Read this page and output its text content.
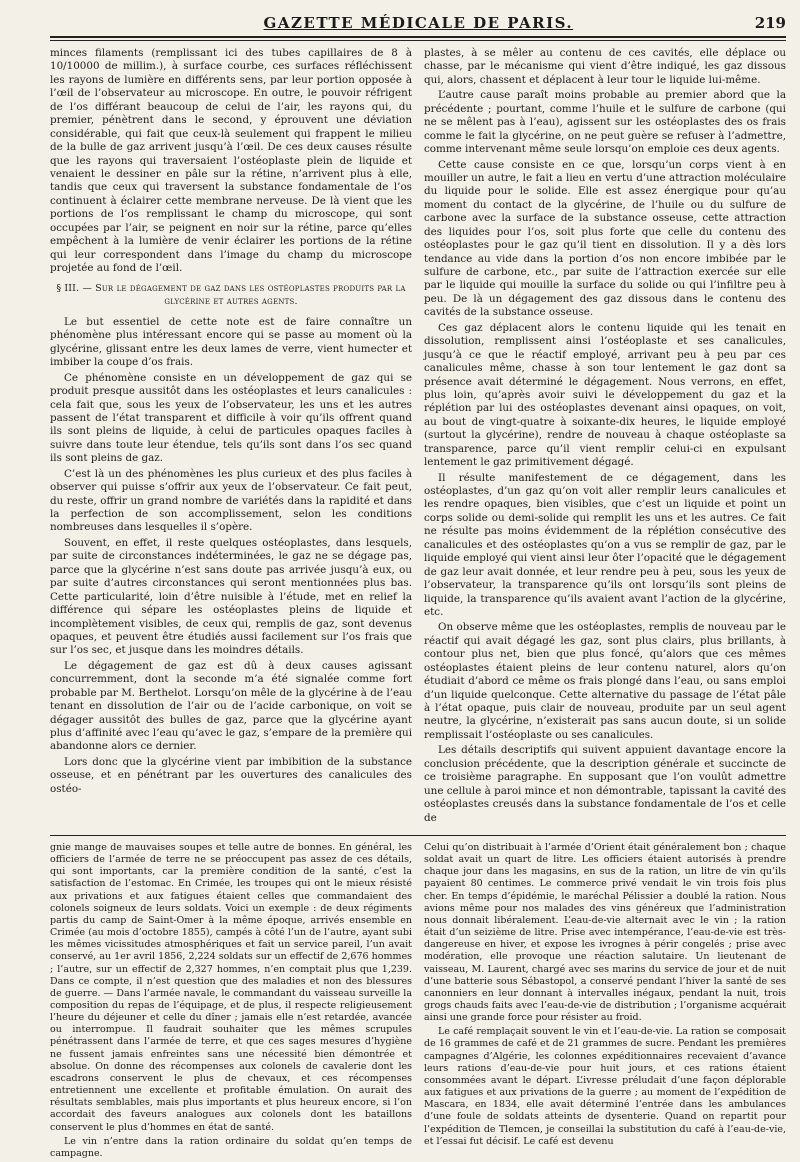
GAZETTE MÉDICALE DE PARIS.	219

minces filaments (remplissant ici des tubes capillaires de 8 à 10/10000 de millim.), à surface courbe, ces surfaces réfléchissent les rayons de lumière en différents sens, par leur portion opposée à l’œil de l’observateur au microscope. En outre, le pouvoir réfrigent de l’os différant beaucoup de celui de l’air, les rayons qui, du premier, pénètrent dans le second, y éprouvent une déviation considérable, qui fait que ceux-là seulement qui frappent le milieu de la bulle de gaz arrivent jusqu’à l’œil. De ces deux causes résulte que les rayons qui traversaient l’ostéoplaste plein de liquide et venaient le dessiner en pâle sur la rétine, n’arrivent plus à elle, tandis que ceux qui traversent la substance fondamentale de l’os continuent à éclairer cette membrane nerveuse. De là vient que les portions de l’os remplissant le champ du microscope, qui sont occupées par l’air, se peignent en noir sur la rétine, parce qu’elles empêchent à la lumière de venir éclairer les portions de la rétine qui leur correspondent dans l’image du champ du microscope projetée au fond de l’œil.

§ III. — Sur le dégagement de gaz dans les ostéoplastes produits par la glycérine et autres agents.

Le but essentiel de cette note est de faire connaître un phénomène plus intéressant encore qui se passe au moment où la glycérine, glissant entre les deux lames de verre, vient humecter et imbiber la coupe d’os frais.

Ce phénomène consiste en un développement de gaz qui se produit presque aussitôt dans les ostéoplastes et leurs canalicules : cela fait que, sous les yeux de l’observateur, les uns et les autres passent de l’état transparent et difficile à voir qu’ils offrent quand ils sont pleins de liquide, à celui de particules opaques faciles à suivre dans toute leur étendue, tels qu’ils sont dans l’os sec quand ils sont pleins de gaz.

C’est là un des phénomènes les plus curieux et des plus faciles à observer qui puisse s’offrir aux yeux de l’observateur. Ce fait peut, du reste, offrir un grand nombre de variétés dans la rapidité et dans la perfection de son accomplissement, selon les conditions nombreuses dans lesquelles il s’opère.

Souvent, en effet, il reste quelques ostéoplastes, dans lesquels, par suite de circonstances indéterminées, le gaz ne se dégage pas, parce que la glycérine n’est sans doute pas arrivée jusqu’à eux, ou par suite d’autres circonstances qui seront mentionnées plus bas. Cette particularité, loin d’être nuisible à l’étude, met en relief la différence qui sépare les ostéoplastes pleins de liquide et incomplètement visibles, de ceux qui, remplis de gaz, sont devenus opaques, et peuvent être étudiés aussi facilement sur l’os frais que sur l’os sec, et jusque dans les moindres détails.

Le dégagement de gaz est dû à deux causes agissant concurremment, dont la seconde m’a été signalée comme fort probable par M. Berthelot. Lorsqu’on mêle de la glycérine à de l’eau tenant en dissolution de l’air ou de l’acide carbonique, on voit se dégager aussitôt des bulles de gaz, parce que la glycérine ayant plus d’affinité avec l’eau qu’avec le gaz, s’empare de la première qui abandonne alors ce dernier.

Lors donc que la glycérine vient par imbibition de la substance osseuse, et en pénétrant par les ouvertures des canalicules des ostéo-

plastes, à se mêler au contenu de ces cavités, elle déplace ou chasse, par le mécanisme qui vient d’être indiqué, les gaz dissous qui, alors, chassent et déplacent à leur tour le liquide lui-même.

L’autre cause paraît moins probable au premier abord que la précédente ; pourtant, comme l’huile et le sulfure de carbone (qui ne se mêlent pas à l’eau), agissent sur les ostéoplastes des os frais comme le fait la glycérine, on ne peut guère se refuser à l’admettre, comme intervenant même seule lorsqu’on emploie ces deux agents.

Cette cause consiste en ce que, lorsqu’un corps vient à en mouiller un autre, le fait a lieu en vertu d’une attraction moléculaire du liquide pour le solide. Elle est assez énergique pour qu’au moment du contact de la glycérine, de l’huile ou du sulfure de carbone avec la surface de la substance osseuse, cette attraction des liquides pour l’os, soit plus forte que celle du contenu des ostéoplastes pour le gaz qu’il tient en dissolution. Il y a dès lors tendance au vide dans la portion d’os non encore imbibée par le sulfure de carbone, etc., par suite de l’attraction exercée sur elle par le liquide qui mouille la surface du solide ou qui l’infiltre peu à peu. De là un dégagement des gaz dissous dans le contenu des cavités de la substance osseuse.

Ces gaz déplacent alors le contenu liquide qui les tenait en dissolution, remplissent ainsi l’ostéoplaste et ses canalicules, jusqu’à ce que le réactif employé, arrivant peu à peu par ces canalicules même, chasse à son tour lentement le gaz dont sa présence avait déterminé le dégagement. Nous verrons, en effet, plus loin, qu’après avoir suivi le développement du gaz et la réplétion par lui des ostéoplastes devenant ainsi opaques, on voit, au bout de vingt-quatre à soixante-dix heures, le liquide employé (surtout la glycérine), rendre de nouveau à chaque ostéoplaste sa transparence, parce qu’il vient remplir celui-ci en expulsant lentement le gaz primitivement dégagé.

Il résulte manifestement de ce dégagement, dans les ostéoplastes, d’un gaz qu’on voit aller remplir leurs canalicules et les rendre opaques, bien visibles, que c’est un liquide et point un corps solide ou demi-solide qui remplit les uns et les autres. Ce fait ne résulte pas moins évidemment de la réplétion consécutive des canalicules et des ostéoplastes qu’on a vus se remplir de gaz, par le liquide employé qui vient ainsi leur ôter l’opacité que le dégagement de gaz leur avait donnée, et leur rendre peu à peu, sous les yeux de l’observateur, la transparence qu’ils ont lorsqu’ils sont pleins de liquide, la transparence qu’ils avaient avant l’action de la glycérine, etc.

On observe même que les ostéoplastes, remplis de nouveau par le réactif qui avait dégagé les gaz, sont plus clairs, plus brillants, à contour plus net, bien que plus foncé, qu’alors que ces mêmes ostéoplastes étaient pleins de leur contenu naturel, alors qu’on étudiait d’abord ce même os frais plongé dans l’eau, ou sans emploi d’un liquide quelconque. Cette alternative du passage de l’état pâle à l’état opaque, puis clair de nouveau, produite par un seul agent neutre, la glycérine, n’existerait pas sans aucun doute, si un solide remplissait l’ostéoplaste ou ses canalicules.

Les détails descriptifs qui suivent appuient davantage encore la conclusion précédente, que la description générale et succincte de ce troisième paragraphe. En supposant que l’on voulût admettre une cellule à paroi mince et non démontrable, tapissant la cavité des ostéoplastes creusés dans la substance fondamentale de l’os et celle de

gnie mange de mauvaises soupes et telle autre de bonnes. En général, les officiers de l’armée de terre ne se préoccupent pas assez de ces détails, qui sont importants, car la première condition de la santé, c’est la satisfaction de l’estomac. En Crimée, les troupes qui ont le mieux résisté aux privations et aux fatigues étaient celles que commandaient des colonels soigneux de leurs soldats. Voici un exemple : de deux régiments partis du camp de Saint-Omer à la même époque, arrivés ensemble en Crimée (au mois d’octobre 1855), campés à côté l’un de l’autre, ayant subi les mêmes vicissitudes atmosphériques et fait un service pareil, l’un avait conservé, au 1er avril 1856, 2,224 soldats sur un effectif de 2,676 hommes ; l’autre, sur un effectif de 2,327 hommes, n’en comptait plus que 1,239. Dans ce compte, il n’est question que des maladies et non des blessures de guerre. — Dans l’armée navale, le commandant du vaisseau surveille la composition du repas de l’équipage, et de plus, il respecte religieusement l’heure du déjeuner et celle du dîner ; jamais elle n’est retardée, avancée ou interrompue. Il faudrait souhaiter que les mêmes scrupules pénétrassent dans l’armée de terre, et que ces sages mesures d’hygiène ne fussent jamais enfreintes sans une nécessité bien démontrée et absolue. On donne des récompenses aux colonels de cavalerie dont les escadrons conservent le plus de chevaux, et ces récompenses entretiennent une excellente et profitable émulation. On aurait des résultats semblables, mais plus importants et plus heureux encore, si l’on accordait des faveurs analogues aux colonels dont les bataillons conservent le plus d’hommes en état de santé.

Le vin n’entre dans la ration ordinaire du soldat qu’en temps de campagne.

Celui qu’on distribuait à l’armée d’Orient était généralement bon ; chaque soldat avait un quart de litre. Les officiers étaient autorisés à prendre chaque jour dans les magasins, en sus de la ration, un litre de vin qu’ils payaient 80 centimes. Le commerce privé vendait le vin trois fois plus cher. En temps d’épidémie, le maréchal Pélissier a doublé la ration. Nous avions même pour nos malades des vins généreux que l’administration nous donnait libéralement. L’eau-de-vie alternait avec le vin ; la ration était d’un seizième de litre. Prise avec intempérance, l’eau-de-vie est très-dangereuse en hiver, et expose les ivrognes à périr congelés ; prise avec modération, elle provoque une réaction salutaire. Un lieutenant de vaisseau, M. Laurent, chargé avec ses marins du service de jour et de nuit d’une batterie sous Sébastopol, a conservé pendant l’hiver la santé de ses canonniers en leur donnant à intervalles inégaux, pendant la nuit, trois grogs chauds faits avec l’eau-de-vie de distribution ; l’organisme acquérait ainsi une grande force pour résister au froid.

Le café remplaçait souvent le vin et l’eau-de-vie. La ration se composait de 16 grammes de café et de 21 grammes de sucre. Pendant les premières campagnes d’Algérie, les colonnes expéditionnaires recevaient d’avance leurs rations d’eau-de-vie pour huit jours, et ces rations étaient consommées avant le départ. L’ivresse préludait d’une façon déplorable aux fatigues et aux privations de la guerre ; au moment de l’expédition de Mascara, en 1834, elle avait déterminé l’entrée dans les ambulances d’une foule de soldats atteints de dysenterie. Quand on repartit pour l’expédition de Tlemcen, je conseillai la substitution du café à l’eau-de-vie, et l’essai fut décisif. Le café est devenu
